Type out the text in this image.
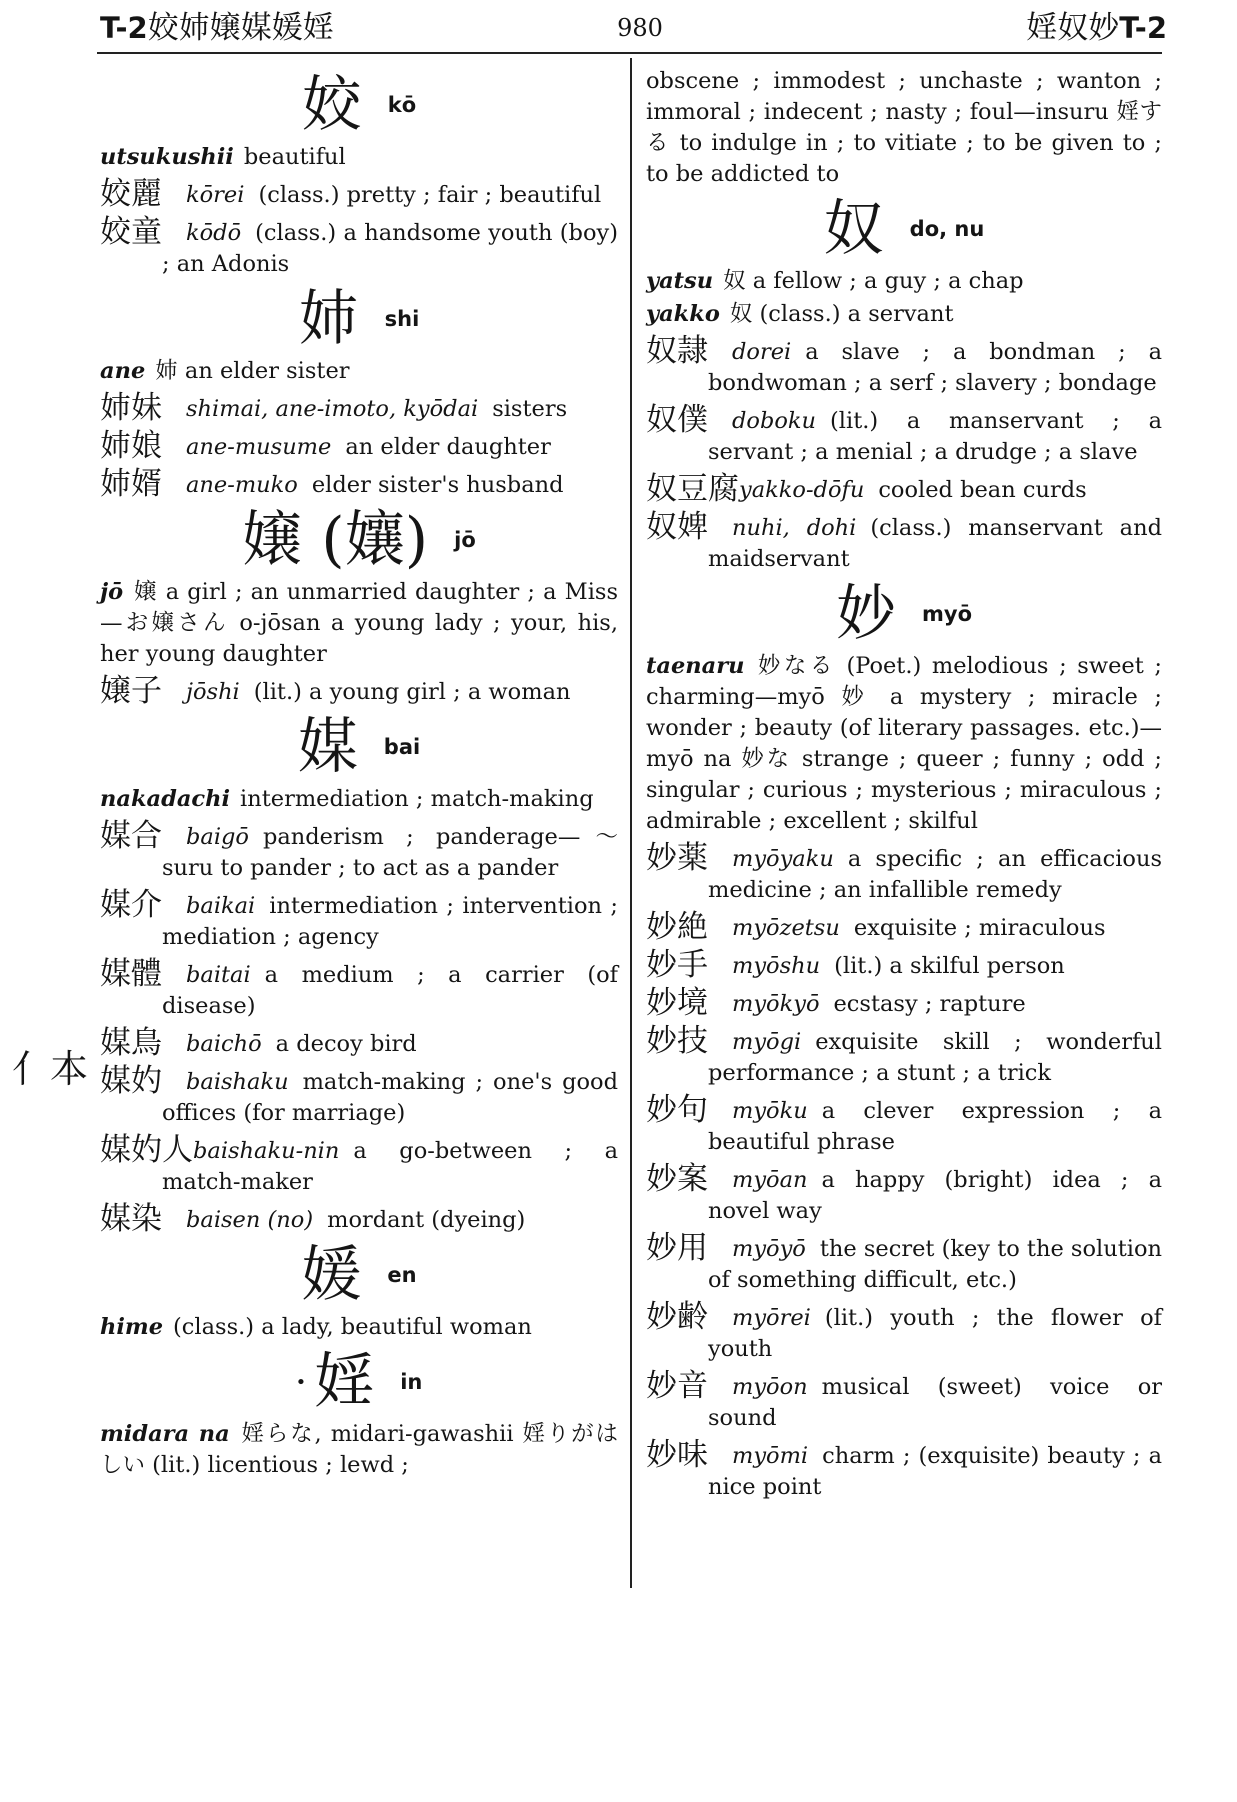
T-2姣姉嬢媒媛婬	980	婬奴妙T-2
亻本
姣 kō
utsukushii beautiful
姣麗 kōrei (class.) pretty ; fair ; beautiful
姣童 kōdō (class.) a handsome youth (boy) ; an Adonis
姉 shi
ane 姉 an elder sister
姉妹 shimai, ane-imoto, kyōdai sisters
姉娘 ane-musume an elder daughter
姉婿 ane-muko elder sister's husband
嬢 (孃) jō
jō 嬢 a girl ; an unmarried daughter ; a Miss—お嬢さん o-jōsan a young lady ; your, his, her young daughter
嬢子 jōshi (lit.) a young girl ; a woman
媒 bai
nakadachi intermediation ; match-making
媒合 baigō panderism ; panderage—～suru to pander ; to act as a pander
媒介 baikai intermediation ; intervention ; mediation ; agency
媒體 baitai a medium ; a carrier (of disease)
媒鳥 baichō a decoy bird
媒妁 baishaku match-making ; one's good offices (for marriage)
媒妁人baishaku-nin a go-between ; a match-maker
媒染 baisen (no) mordant (dyeing)
媛 en
hime (class.) a lady, beautiful woman
• 婬 in
midara na 婬らな, midari-gawashii 婬りがはしい (lit.) licentious ; lewd ;
obscene ; immodest ; unchaste ; wanton ; immoral ; indecent ; nasty ; foul—insuru 婬する to indulge in ; to vitiate ; to be given to ; to be addicted to
奴 do, nu
yatsu 奴 a fellow ; a guy ; a chap
yakko 奴 (class.) a servant
奴隷 dorei a slave ; a bondman ; a bondwoman ; a serf ; slavery ; bondage
奴僕 doboku (lit.) a manservant ; a servant ; a menial ; a drudge ; a slave
奴豆腐yakko-dōfu cooled bean curds
奴婢 nuhi, dohi (class.) manservant and maidservant
妙 myō
taenaru 妙なる (Poet.) melodious ; sweet ; charming—myō 妙 a mystery ; miracle ; wonder ; beauty (of literary passages. etc.)—myō na 妙な strange ; queer ; funny ; odd ; singular ; curious ; mysterious ; miraculous ; admirable ; excellent ; skilful
妙薬 myōyaku a specific ; an efficacious medicine ; an infallible remedy
妙絶 myōzetsu exquisite ; miraculous
妙手 myōshu (lit.) a skilful person
妙境 myōkyō ecstasy ; rapture
妙技 myōgi exquisite skill ; wonderful performance ; a stunt ; a trick
妙句 myōku a clever expression ; a beautiful phrase
妙案 myōan a happy (bright) idea ; a novel way
妙用 myōyō the secret (key to the solution of something difficult, etc.)
妙齢 myōrei (lit.) youth ; the flower of youth
妙音 myōon musical (sweet) voice or sound
妙味 myōmi charm ; (exquisite) beauty ; a nice point
